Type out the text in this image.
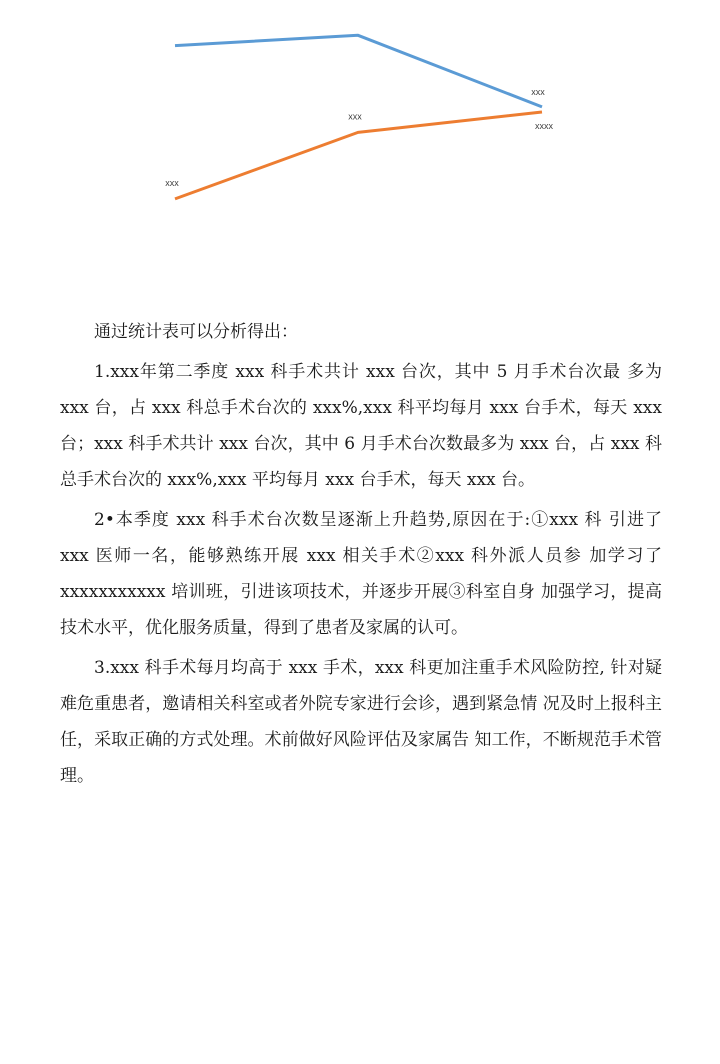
xxx
xxx
xxx
xxxx

通过统计表可以分析得出：

1.xxx年第二季度 xxx 科手术共计 xxx 台次，其中 5 月手术台次最 多为 xxx 台，占 xxx 科总手术台次的 xxx%,xxx 科平均每月 xxx 台手术，每天 xxx 台；xxx 科手术共计 xxx 台次，其中 6 月手术台次数最多为 xxx 台，占 xxx 科总手术台次的 xxx%,xxx 平均每月 xxx 台手术，每天 xxx 台。

2•本季度 xxx 科手术台次数呈逐渐上升趋势,原因在于:①xxx 科 引进了 xxx 医师一名，能够熟练开展 xxx 相关手术②xxx 科外派人员参 加学习了 xxxxxxxxxxx 培训班，引进该项技术，并逐步开展③科室自身 加强学习，提高技术水平，优化服务质量，得到了患者及家属的认可。

3.xxx 科手术每月均高于 xxx 手术，xxx 科更加注重手术风险防控, 针对疑难危重患者，邀请相关科室或者外院专家进行会诊，遇到紧急情 况及时上报科主任，采取正确的方式处理。术前做好风险评估及家属告 知工作，不断规范手术管理。
